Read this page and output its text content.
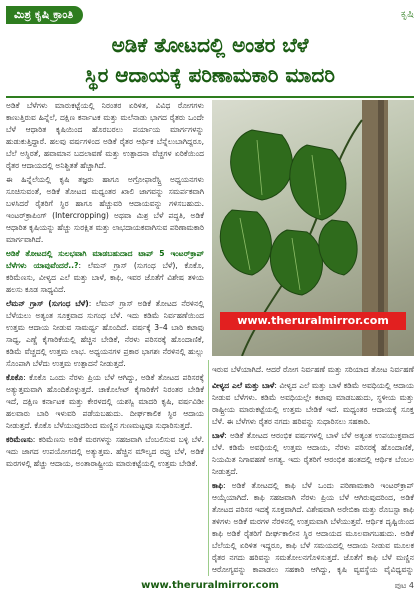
ಮಿಶ್ರ ಕೃಷಿ ಕ್ರಾಂತಿ	ಕೃಷಿ
ಅಡಿಕೆ ತೋಟದಲ್ಲಿ ಅಂತರ ಬೆಳೆ
ಸ್ಥಿರ ಆದಾಯಕ್ಕೆ ಪರಿಣಾಮಕಾರಿ ಮಾದರಿ

ಅಡಿಕೆ ಬೆಳೆಗಳು ಮಾರುಕಟ್ಟೆಯಲ್ಲಿ ನಿರಂತರ ಏರಿಳಿತ, ವಿವಿಧ ರೋಗಗಳು ಕಾಣುತ್ತಿರುವ ಹಿನ್ನೆಲೆ, ದಕ್ಷಿಣ ಕರ್ನಾಟಕ ಮತ್ತು ಮಲೆನಾಡು ಭಾಗದ ರೈತರು ಒಂದೇ ಬೆಳೆ ಆಧಾರಿತ ಕೃಷಿಯಿಂದ ಹೊರಬರಲು ಪರ್ಯಾಯ ಮಾರ್ಗಗಳನ್ನು ಹುಡುಕುತ್ತಿದ್ದಾರೆ. ಹಲವು ವರ್ಷಗಳಿಂದ ಅಡಿಕೆ ರೈತರ ಆರ್ಥಿಕ ಬೆನ್ನೆಲುಬಾಗಿದ್ದರೂ, ಬೆಲೆ ಅಸ್ಥಿರತೆ, ಹವಾಮಾನ ಬದಲಾವಣೆ ಮತ್ತು ಉತ್ಪಾದನಾ ವೆಚ್ಚಗಳ ಏರಿಕೆಯಿಂದ ರೈತರ ಆದಾಯದಲ್ಲಿ ಅನಿಶ್ಚಿತತೆ ಹೆಚ್ಚಾಗಿದೆ.

ಈ ಹಿನ್ನೆಲೆಯಲ್ಲಿ ಕೃಷಿ ತಜ್ಞರು ಹಾಗೂ ಅಗ್ರೋಫಾರೆಸ್ಟ್ರಿ ಅಧ್ಯಯನಗಳು ಸೂಚಿಸುವಂತೆ, ಅಡಿಕೆ ತೋಟದ ಮಧ್ಯಂತರ ಖಾಲಿ ಜಾಗವನ್ನು ಸಮರ್ಪಕವಾಗಿ ಬಳಸಿದರೆ ರೈತರಿಗೆ ಸ್ಥಿರ ಹಾಗೂ ಹೆಚ್ಚುವರಿ ಆದಾಯವನ್ನು ಗಳಿಸಬಹುದು. ಇಂಟರ್‌ಕ್ರಾಪಿಂಗ್ (Intercropping) ಅಥವಾ ಮಿಶ್ರ ಬೆಳೆ ಪದ್ಧತಿ, ಅಡಿಕೆ ಆಧಾರಿತ ಕೃಷಿಯನ್ನು ಹೆಚ್ಚು ಸುರಕ್ಷಿತ ಮತ್ತು ಲಾಭದಾಯಕವಾಗಿಸುವ ಪರಿಣಾಮಕಾರಿ ಮಾರ್ಗವಾಗಿದೆ.

ಅಡಿಕೆ ತೋಟದಲ್ಲಿ ಸುಲಭವಾಗಿ ಮಾಡಬಹುದಾದ ಟಾಪ್ 5 ಇಂಟರ್‌ಕ್ರಾಪ್ ಬೆಳೆಗಳು ಯಾವುವೆಂದರೆ..?: ಲೆಮನ್ ಗ್ರಾಸ್ (ಸುಗಂಧ ಬೆಳೆ), ಕೊಕೊ, ಕರಿಮೆಣಸು, ವೀಳ್ಯದ ಎಲೆ ಮತ್ತು ಬಾಳೆ, ಕಾಫಿ, ಇವರ ಜೊತೆಗೆ ವಿಶೇಷ ತಳಿಯ ಹಲಸು ಕೂಡ ಸಾಧ್ಯವಿದೆ.

ಲೆಮನ್ ಗ್ರಾಸ್ (ಸುಗಂಧ ಬೆಳೆ): ಲೆಮನ್ ಗ್ರಾಸ್ ಅಡಿಕೆ ತೋಟದ ನೆರಳಿನಲ್ಲಿ ಬೆಳೆಯಲು ಅತ್ಯಂತ ಸೂಕ್ತವಾದ ಸುಗಂಧ ಬೆಳೆ. ಇದು ಕಡಿಮೆ ನಿರ್ವಹಣೆಯಿಂದ ಉತ್ತಮ ಆದಾಯ ನೀಡುವ ಸಾಮರ್ಥ್ಯ ಹೊಂದಿದೆ. ವರ್ಷಕ್ಕೆ 3–4 ಬಾರಿ ಕಟಾವು ಸಾಧ್ಯ, ಎಣ್ಣೆ ಕೈಗಾರಿಕೆಯಲ್ಲಿ ಹೆಚ್ಚಿನ ಬೇಡಿಕೆ, ನೆರಳು ಪರಿಸರಕ್ಕೆ ಹೊಂದಾಣಿಕೆ, ಕಡಿಮೆ ವೆಚ್ಚದಲ್ಲಿ ಉತ್ತಮ ಲಾಭ. ಅಧ್ಯಯನಗಳ ಪ್ರಕಾರ ಭಾಗಶಃ ನೆರಳಿನಲ್ಲಿ ಹುಲ್ಲು ಸೊಂಪಾಗಿ ಬೆಳೆದು ಉತ್ತಮ ಉತ್ಪಾದನೆ ನೀಡುತ್ತದೆ.

ಕೊಕೊ: ಕೊಕೊ ಒಂದು ನೆರಳು ಪ್ರಿಯ ಬೆಳೆ ಆಗಿದ್ದು, ಅಡಿಕೆ ತೋಟದ ಪರಿಸರಕ್ಕೆ ಅತ್ಯುತ್ತಮವಾಗಿ ಹೊಂದಿಕೊಳ್ಳುತ್ತದೆ. ಚಾಕೊಲೇಟ್ ಕೈಗಾರಿಕೆಗೆ ನಿರಂತರ ಬೇಡಿಕೆ ಇದೆ, ದಕ್ಷಿಣ ಕರ್ನಾಟಕ ಮತ್ತು ಕೇರಳದಲ್ಲಿ ಯಶಸ್ವಿ ಮಾದರಿ ಕೃಷಿ, ವರ್ಷವಿಡೀ ಹಲವಾರು ಬಾರಿ ಇಳುವರಿ ಪಡೆಯಬಹುದು. ದೀರ್ಘಕಾಲಿಕ ಸ್ಥಿರ ಆದಾಯ ನೀಡುತ್ತದೆ. ಕೊಕೊ ಬೆಳೆಯುವುದರಿಂದ ಮಣ್ಣಿನ ಗುಣಮಟ್ಟವೂ ಸುಧಾರಿಸುತ್ತದೆ.

ಕರಿಮೆಣಸು: ಕರಿಮೆಣಸು ಅಡಿಕೆ ಮರಗಳನ್ನು ಸಹಜವಾಗಿ ಬೆಂಬಲಿಸುವ ಬಳ್ಳಿ ಬೆಳೆ. ಇದು ಜಾಗದ ಉಪಯೋಗದಲ್ಲಿ ಅತ್ಯುತ್ತಮ. ಹೆಚ್ಚಿನ ಮೌಲ್ಯದ ರಫ್ತು ಬೆಳೆ, ಅಡಿಕೆ ಮರಗಳಲ್ಲಿ ಹೆಚ್ಚು ಆದಾಯ, ಅಂತಾರಾಷ್ಟ್ರೀಯ ಮಾರುಕಟ್ಟೆಯಲ್ಲಿ ಉತ್ತಮ ಬೇಡಿಕೆ.

www.theruralmirror.com

ಇರುವ ಬೆಳೆಯಾಗಿದೆ. ಆದರೆ ರೋಗ ನಿರ್ವಹಣೆ ಮತ್ತು ಸರಿಯಾದ ತೋಟ ನಿರ್ವಹಣೆ

ವೀಳ್ಯದ ಎಲೆ ಮತ್ತು ಬಾಳೆ: ವೀಳ್ಯದ ಎಲೆ ಮತ್ತು ಬಾಳೆ ಕಡಿಮೆ ಅವಧಿಯಲ್ಲಿ ಆದಾಯ ನೀಡುವ ಬೆಳೆಗಳು. ಕಡಿಮೆ ಅವಧಿಯಲ್ಲೇ ಕಟಾವು ಮಾಡಬಹುದು, ಸ್ಥಳೀಯ ಮತ್ತು ರಾಷ್ಟ್ರೀಯ ಮಾರುಕಟ್ಟೆಯಲ್ಲಿ ಉತ್ತಮ ಬೇಡಿಕೆ ಇದೆ. ಮಧ್ಯಂತರ ಆದಾಯಕ್ಕೆ ಸೂಕ್ತ ಬೆಳೆ. ಈ ಬೆಳೆಗಳು ರೈತರ ನಗದು ಹರಿವನ್ನು ಸುಧಾರಿಸಲು ಸಹಕಾರಿ.

ಬಾಳೆ: ಅಡಿಕೆ ತೋಟದ ಆರಂಭಿಕ ವರ್ಷಗಳಲ್ಲಿ ಬಾಳೆ ಬೆಳೆ ಅತ್ಯಂತ ಉಪಯುಕ್ತವಾದ ಬೆಳೆ. ಕಡಿಮೆ ಅವಧಿಯಲ್ಲಿ ಉತ್ತಮ ಆದಾಯ, ನೆರಳು ಪರಿಸರಕ್ಕೆ ಹೊಂದಾಣಿಕೆ, ನಿಯಮಿತ ನಿಗಾವಹಣೆ ಅಗತ್ಯ. ಇದು ರೈತರಿಗೆ ಆರಂಭಿಕ ಹಂತದಲ್ಲಿ ಆರ್ಥಿಕ ಬೆಂಬಲ ನೀಡುತ್ತದೆ.

ಕಾಫಿ: ಅಡಿಕೆ ತೋಟದಲ್ಲಿ ಕಾಫಿ ಬೆಳೆ ಒಂದು ಪರಿಣಾಮಕಾರಿ ಇಂಟರ್‌ಕ್ರಾಪ್ ಆಯ್ಕೆಯಾಗಿದೆ. ಕಾಫಿ ಸಹಜವಾಗಿ ನೆರಳು ಪ್ರಿಯ ಬೆಳೆ ಆಗಿರುವುದರಿಂದ, ಅಡಿಕೆ ತೋಟದ ಪರಿಸರ ಇದಕ್ಕೆ ಸೂಕ್ತವಾಗಿದೆ. ವಿಶೇಷವಾಗಿ ಅರೇಬಿಕಾ ಮತ್ತು ರೊಬಸ್ಟಾ ಕಾಫಿ ತಳಿಗಳು ಅಡಿಕೆ ಮರಗಳ ನೆರಳಿನಲ್ಲಿ ಉತ್ತಮವಾಗಿ ಬೆಳೆಯುತ್ತವೆ. ಆರ್ಥಿಕ ದೃಷ್ಟಿಯಿಂದ ಕಾಫಿ ಅಡಿಕೆ ರೈತರಿಗೆ ದೀರ್ಘಕಾಲೀನ ಸ್ಥಿರ ಆದಾಯದ ಮೂಲವಾಗಬಹುದು. ಅಡಿಕೆ ಬೆಲೆಯಲ್ಲಿ ಏರಿಳಿತ ಇದ್ದರೂ, ಕಾಫಿ ಬೆಳೆ ಸಮಯದಲ್ಲಿ ಆದಾಯ ನೀಡುವ ಮೂಲಕ ರೈತರ ನಗದು ಹರಿವನ್ನು ಸಮತೋಲನಗೊಳಿಸುತ್ತದೆ. ಜೊತೆಗೆ ಕಾಫಿ ಬೆಳೆ ಮಣ್ಣಿನ ಆರೋಗ್ಯವನ್ನು ಕಾಪಾಡಲು ಸಹಕಾರಿ ಆಗಿದ್ದು, ಕೃಷಿ ವ್ಯವಸ್ಥೆಯ ವೈವಿಧ್ಯವನ್ನು

www.theruralmirror.com	ಪುಟ 4
